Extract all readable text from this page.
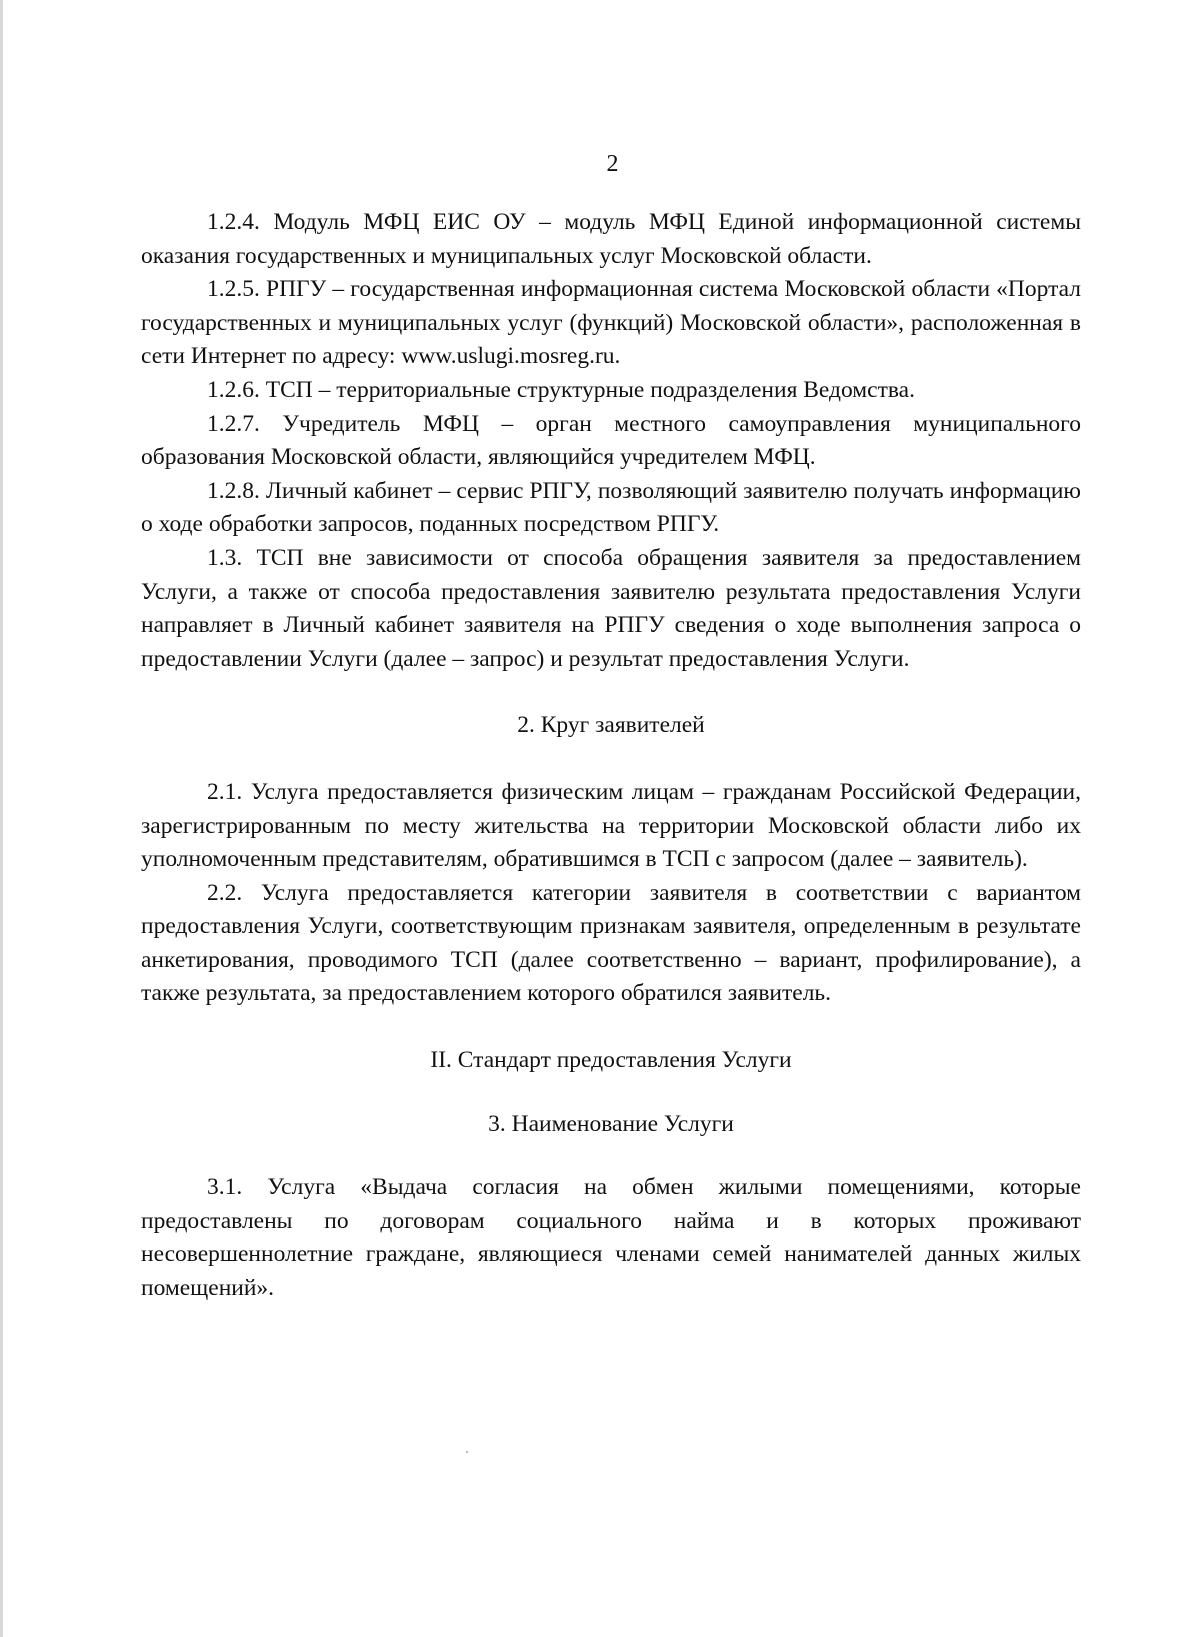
2

1.2.4. Модуль МФЦ ЕИС ОУ – модуль МФЦ Единой информационной системы оказания государственных и муниципальных услуг Московской области.

1.2.5. РПГУ – государственная информационная система Московской области «Портал государственных и муниципальных услуг (функций) Московской области», расположенная в сети Интернет по адресу: www.uslugi.mosreg.ru.

1.2.6. ТСП – территориальные структурные подразделения Ведомства.

1.2.7. Учредитель МФЦ – орган местного самоуправления муниципального образования Московской области, являющийся учредителем МФЦ.

1.2.8. Личный кабинет – сервис РПГУ, позволяющий заявителю получать информацию о ходе обработки запросов, поданных посредством РПГУ.

1.3. ТСП вне зависимости от способа обращения заявителя за предоставлением Услуги, а также от способа предоставления заявителю результата предоставления Услуги направляет в Личный кабинет заявителя на РПГУ сведения о ходе выполнения запроса о предоставлении Услуги (далее – запрос) и результат предоставления Услуги.

2. Круг заявителей

2.1. Услуга предоставляется физическим лицам – гражданам Российской Федерации, зарегистрированным по месту жительства на территории Московской области либо их уполномоченным представителям, обратившимся в ТСП с запросом (далее – заявитель).

2.2. Услуга предоставляется категории заявителя в соответствии с вариантом предоставления Услуги, соответствующим признакам заявителя, определенным в результате анкетирования, проводимого ТСП (далее соответственно – вариант, профилирование), а также результата, за предоставлением которого обратился заявитель.

II. Стандарт предоставления Услуги

3. Наименование Услуги

3.1. Услуга «Выдача согласия на обмен жилыми помещениями, которые предоставлены по договорам социального найма и в которых проживают несовершеннолетние граждане, являющиеся членами семей нанимателей данных жилых помещений».
